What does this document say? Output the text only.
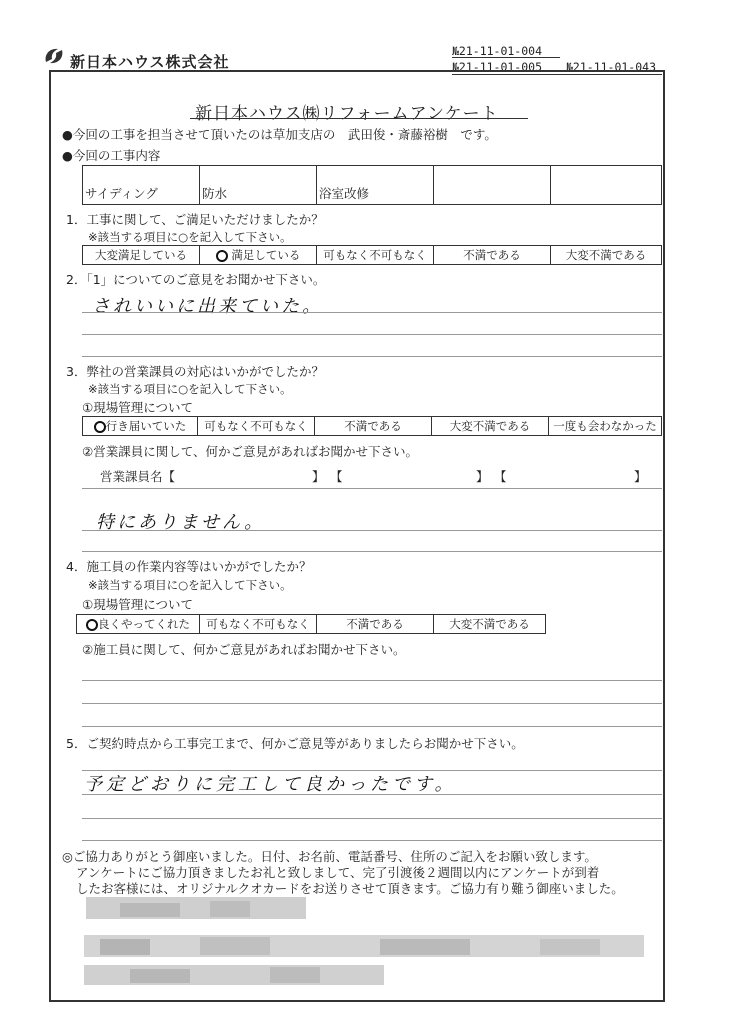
新日本ハウス株式会社
№21-11-01-004
№21-11-01-005 №21-11-01-043
新日本ハウス㈱リフォームアンケート
●今回の工事を担当させて頂いたのは草加支店の　武田俊・斎藤裕樹　です。
●今回の工事内容
サイディング	防水	浴室改修		
1．工事に関して、ご満足いただけましたか？
※該当する項目に○を記入して下さい。
大変満足している	満足している	可もなく不可もなく	不満である	大変不満である
2．「1」についてのご意見をお聞かせ下さい。
されいいに出来ていた。
3．弊社の営業課員の対応はいかがでしたか？
※該当する項目に○を記入して下さい。
①現場管理について
行き届いていた	可もなく不可もなく	不満である	大変不満である	一度も会わなかった
②営業課員に関して、何かご意見があればお聞かせ下さい。
営業課員名【	】 【	】 【	】
特にありません。
4．施工員の作業内容等はいかがでしたか？
※該当する項目に○を記入して下さい。
①現場管理について
良くやってくれた	可もなく不可もなく	不満である	大変不満である
②施工員に関して、何かご意見があればお聞かせ下さい。
5．ご契約時点から工事完工まで、何かご意見等がありましたらお聞かせ下さい。
予定どおりに完工して良かったです。
◎ご協力ありがとう御座いました。日付、お名前、電話番号、住所のご記入をお願い致します。
アンケートにご協力頂きましたお礼と致しまして、完了引渡後２週間以内にアンケートが到着
したお客様には、オリジナルクオカードをお送りさせて頂きます。ご協力有り難う御座いました。
